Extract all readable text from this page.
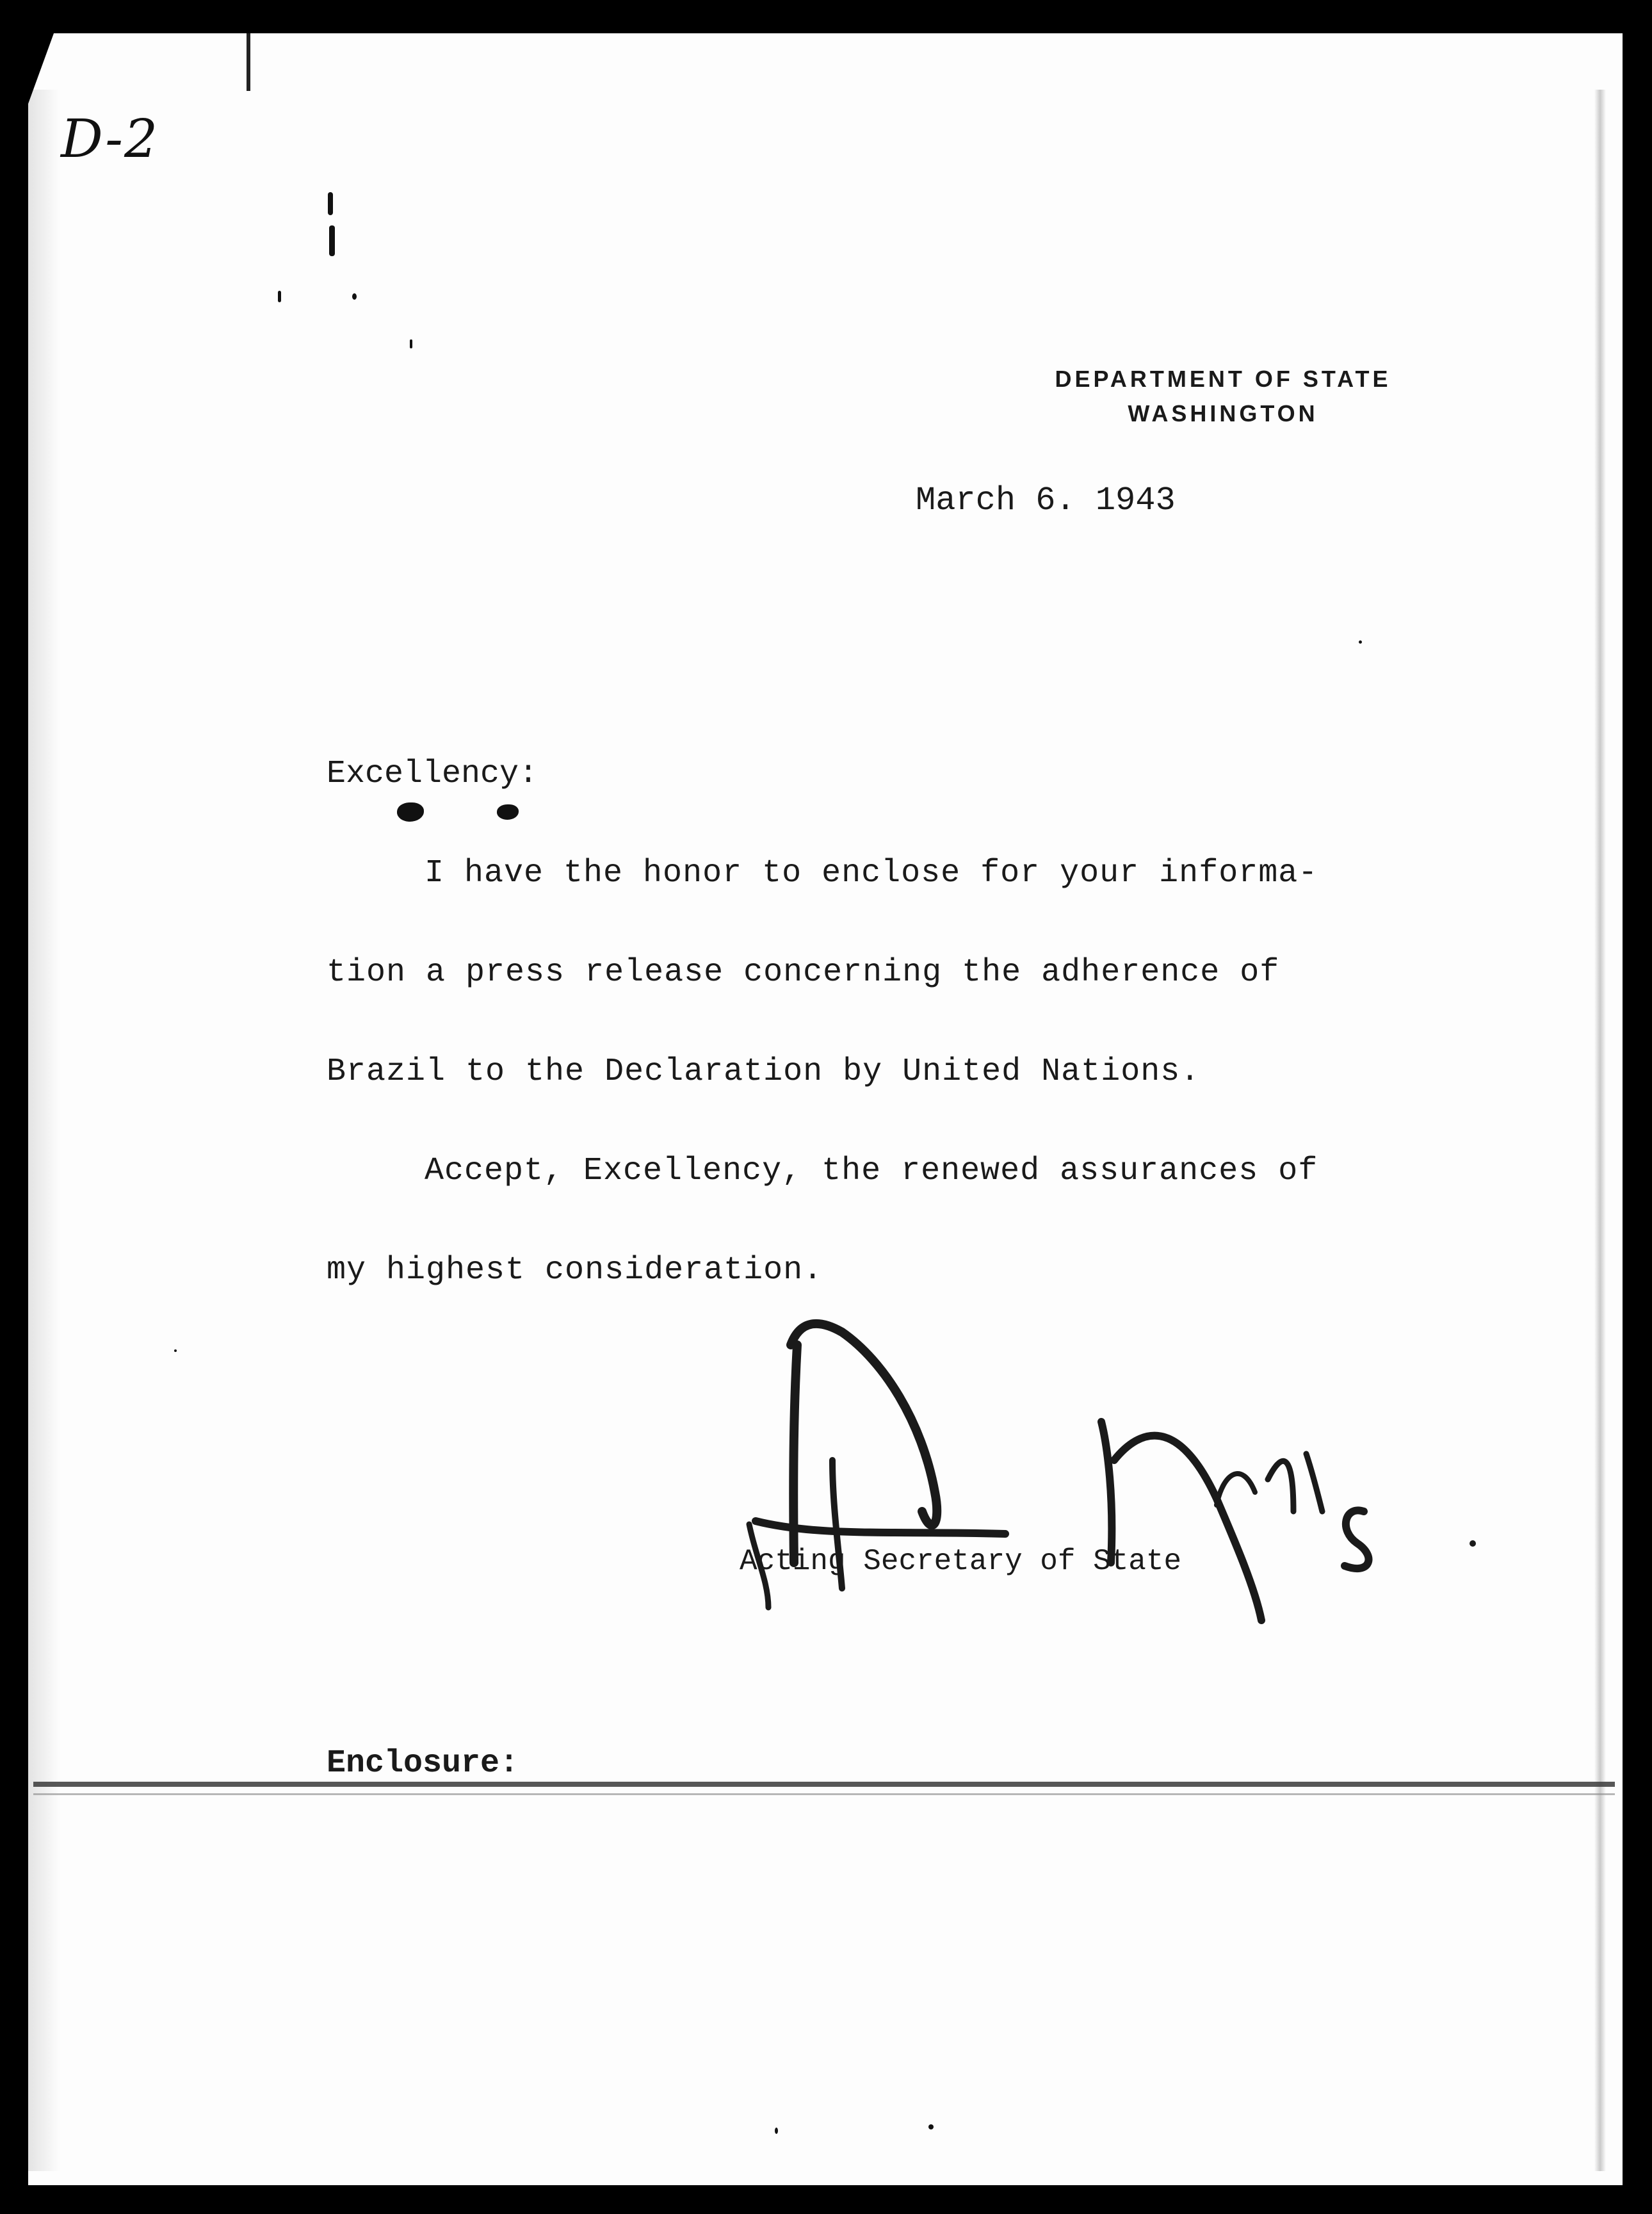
D-2
DEPARTMENT OF STATE
WASHINGTON
March 6. 1943
Excellency:
I have the honor to enclose for your informa-
tion a press release concerning the adherence of
Brazil to the Declaration by United Nations.
Accept, Excellency, the renewed assurances of
my highest consideration.
Acting Secretary of State
Enclosure:
